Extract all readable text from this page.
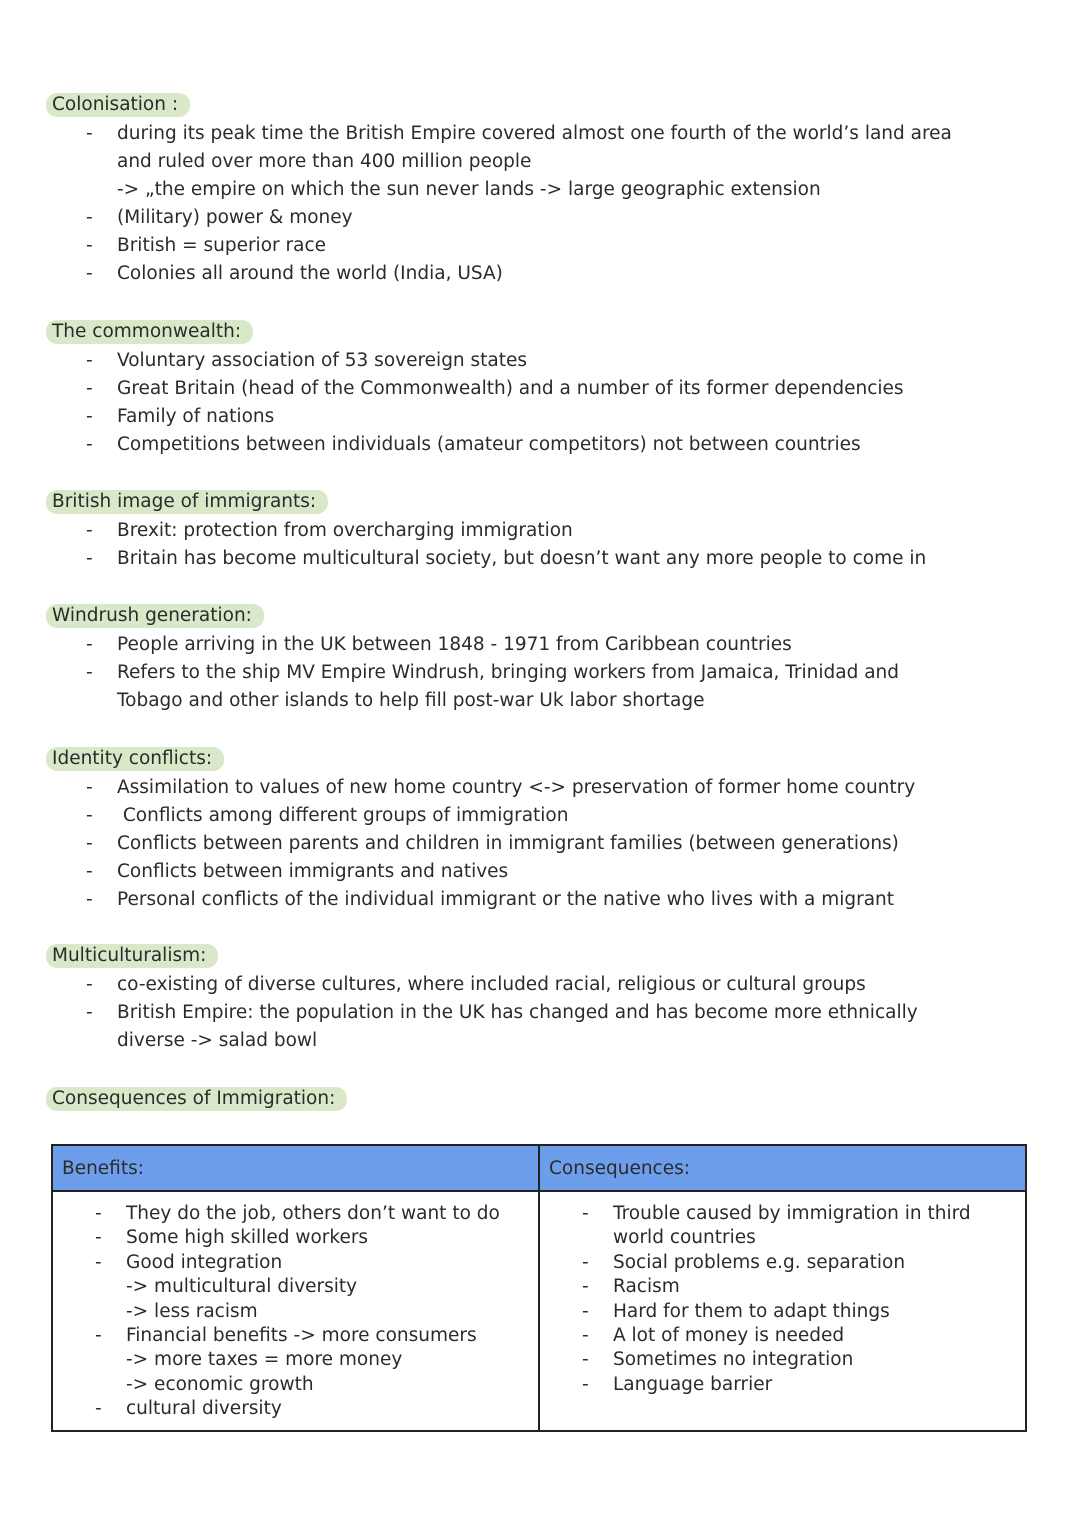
Colonisation :
- during its peak time the British Empire covered almost one fourth of the world’s land area
and ruled over more than 400 million people
-> „the empire on which the sun never lands -> large geographic extension
- (Military) power & money
- British = superior race
- Colonies all around the world (India, USA)
The commonwealth:
- Voluntary association of 53 sovereign states
- Great Britain (head of the Commonwealth) and a number of its former dependencies
- Family of nations
- Competitions between individuals (amateur competitors) not between countries
British image of immigrants:
- Brexit: protection from overcharging immigration
- Britain has become multicultural society, but doesn’t want any more people to come in
Windrush generation:
- People arriving in the UK between 1848 - 1971 from Caribbean countries
- Refers to the ship MV Empire Windrush, bringing workers from Jamaica, Trinidad and
Tobago and other islands to help fill post-war Uk labor shortage
Identity conflicts:
- Assimilation to values of new home country <-> preservation of former home country
- Conflicts among different groups of immigration
- Conflicts between parents and children in immigrant families (between generations)
- Conflicts between immigrants and natives
- Personal conflicts of the individual immigrant or the native who lives with a migrant
Multiculturalism:
- co-existing of diverse cultures, where included racial, religious or cultural groups
- British Empire: the population in the UK has changed and has become more ethnically
diverse -> salad bowl
Consequences of Immigration:
Benefits:
- They do the job, others don’t want to do
- Some high skilled workers
- Good integration
-> multicultural diversity
-> less racism
- Financial benefits -> more consumers
-> more taxes = more money
-> economic growth
- cultural diversity
Consequences:
- Trouble caused by immigration in third
world countries
- Social problems e.g. separation
- Racism
- Hard for them to adapt things
- A lot of money is needed
- Sometimes no integration
- Language barrier
